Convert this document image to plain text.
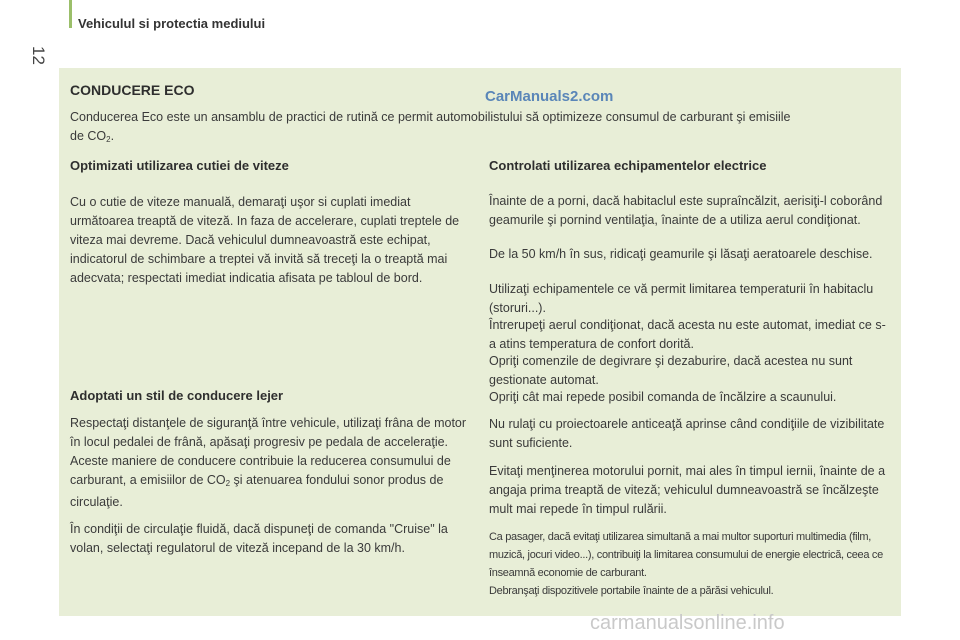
Vehiculul si protectia mediului
12
CONDUCERE ECO	CarManuals2.com
Conducerea Eco este un ansamblu de practici de rutină ce permit automobilistului să optimizeze consumul de carburant şi emisiile
de $CO_2$.
Optimizati utilizarea cutiei de viteze

Cu o cutie de viteze manuală, demaraţi uşor si cuplati imediat următoarea treaptă de viteză. In faza de accelerare, cuplati treptele de viteza mai devreme. Dacă vehiculul dumneavoastră este echipat, indicatorul de schimbare a treptei vă invită să treceţi la o treaptă mai adecvata; respectati imediat indicatia afisata pe tabloul de bord.

Adoptati un stil de conducere lejer

Respectaţi distanţele de siguranţă între vehicule, utilizaţi frâna de motor în locul pedalei de frână, apăsaţi progresiv pe pedala de acceleraţie. Aceste maniere de conducere contribuie la reducerea consumului de carburant, a emisiilor de $CO_2$ şi atenuarea fondului sonor produs de circulaţie.

În condiţii de circulaţie fluidă, dacă dispuneţi de comanda "Cruise" la volan, selectaţi regulatorul de viteză incepand de la 30 km/h.

Controlati utilizarea echipamentelor electrice

Înainte de a porni, dacă habitaclul este supraîncălzit, aerisiţi-l coborând geamurile şi pornind ventilaţia, înainte de a utiliza aerul condiţionat.

De la 50 km/h în sus, ridicaţi geamurile şi lăsaţi aeratoarele deschise.

Utilizaţi echipamentele ce vă permit limitarea temperaturii în habitaclu (storuri...).

Întrerupeţi aerul condiţionat, dacă acesta nu este automat, imediat ce s-a atins temperatura de confort dorită.

Opriţi comenzile de degivrare şi dezaburire, dacă acestea nu sunt gestionate automat.

Opriţi cât mai repede posibil comanda de încălzire a scaunului.

Nu rulaţi cu proiectoarele anticeaţă aprinse când condiţiile de vizibilitate sunt suficiente.

Evitaţi menţinerea motorului pornit, mai ales în timpul iernii, înainte de a angaja prima treaptă de viteză; vehiculul dumneavoastră se încălzeşte mult mai repede în timpul rulării.

Ca pasager, dacă evitaţi utilizarea simultană a mai multor suporturi multimedia (film, muzică, jocuri video...), contribuiţi la limitarea consumului de energie electrică, ceea ce înseamnă economie de carburant.
Debranşaţi dispozitivele portabile înainte de a părăsi vehiculul.
carmanualsonline.info
